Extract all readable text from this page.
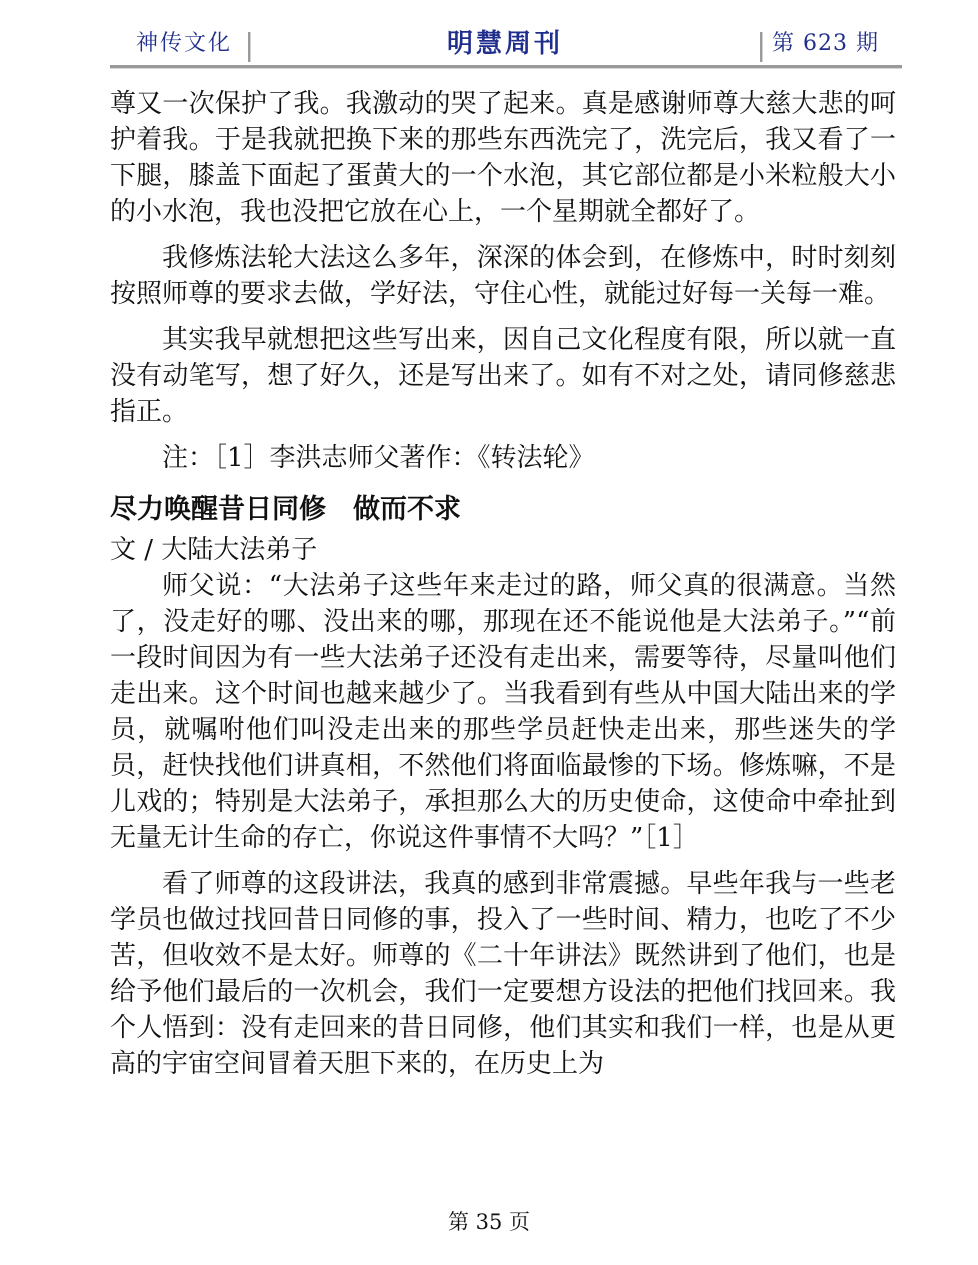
神传文化	明慧周刊	第 623 期

尊又一次保护了我。我激动的哭了起来。真是感谢师尊大慈大悲的呵护着我。于是我就把换下来的那些东西洗完了，洗完后，我又看了一下腿，膝盖下面起了蛋黄大的一个水泡，其它部位都是小米粒般大小的小水泡，我也没把它放在心上，一个星期就全都好了。

我修炼法轮大法这么多年，深深的体会到，在修炼中，时时刻刻按照师尊的要求去做，学好法，守住心性，就能过好每一关每一难。

其实我早就想把这些写出来，因自己文化程度有限，所以就一直没有动笔写，想了好久，还是写出来了。如有不对之处，请同修慈悲指正。

注：［1］李洪志师父著作：《转法轮》

尽力唤醒昔日同修　做而不求

文 / 大陆大法弟子

师父说：“大法弟子这些年来走过的路，师父真的很满意。当然了，没走好的哪、没出来的哪，那现在还不能说他是大法弟子。”“前一段时间因为有一些大法弟子还没有走出来，需要等待，尽量叫他们走出来。这个时间也越来越少了。当我看到有些从中国大陆出来的学员，就嘱咐他们叫没走出来的那些学员赶快走出来，那些迷失的学员，赶快找他们讲真相，不然他们将面临最惨的下场。修炼嘛，不是儿戏的；特别是大法弟子，承担那么大的历史使命，这使命中牵扯到无量无计生命的存亡，你说这件事情不大吗？”［1］

看了师尊的这段讲法，我真的感到非常震撼。早些年我与一些老学员也做过找回昔日同修的事，投入了一些时间、精力，也吃了不少苦，但收效不是太好。师尊的《二十年讲法》既然讲到了他们，也是给予他们最后的一次机会，我们一定要想方设法的把他们找回来。我个人悟到：没有走回来的昔日同修，他们其实和我们一样，也是从更高的宇宙空间冒着天胆下来的，在历史上为

第 35 页
